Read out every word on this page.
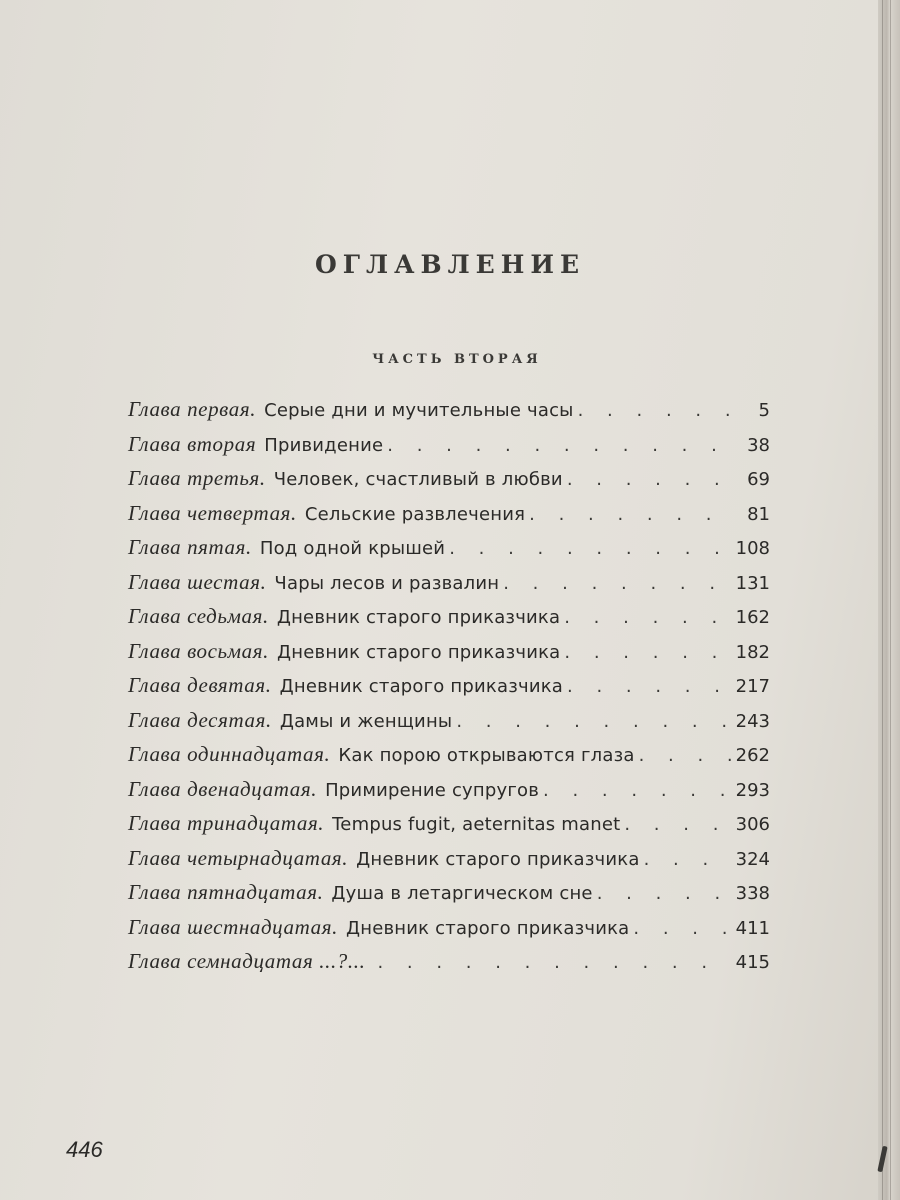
ОГЛАВЛЕНИЕ
ЧАСТЬ ВТОРАЯ
Глава первая. Серые дни и мучительные часы . . .	5
Глава вторая Привидение . . .	38
Глава третья. Человек, счастливый в любви . . .	69
Глава четвертая. Сельские развлечения . . .	81
Глава пятая. Под одной крышей . . .	108
Глава шестая. Чары лесов и развалин . . .	131
Глава седьмая. Дневник старого приказчика . . .	162
Глава восьмая. Дневник старого приказчика . . .	182
Глава девятая. Дневник старого приказчика . . .	217
Глава десятая. Дамы и женщины . . .	243
Глава одиннадцатая. Как порою открываются глаза . . .	262
Глава двенадцатая. Примирение супругов . . .	293
Глава тринадцатая. Tempus fugit, aeternitas manet . . .	306
Глава четырнадцатая. Дневник старого приказчика . . .	324
Глава пятнадцатая. Душа в летаргическом сне . . .	338
Глава шестнадцатая. Дневник старого приказчика . . .	411
Глава семнадцатая ...?... . . .	415
446
